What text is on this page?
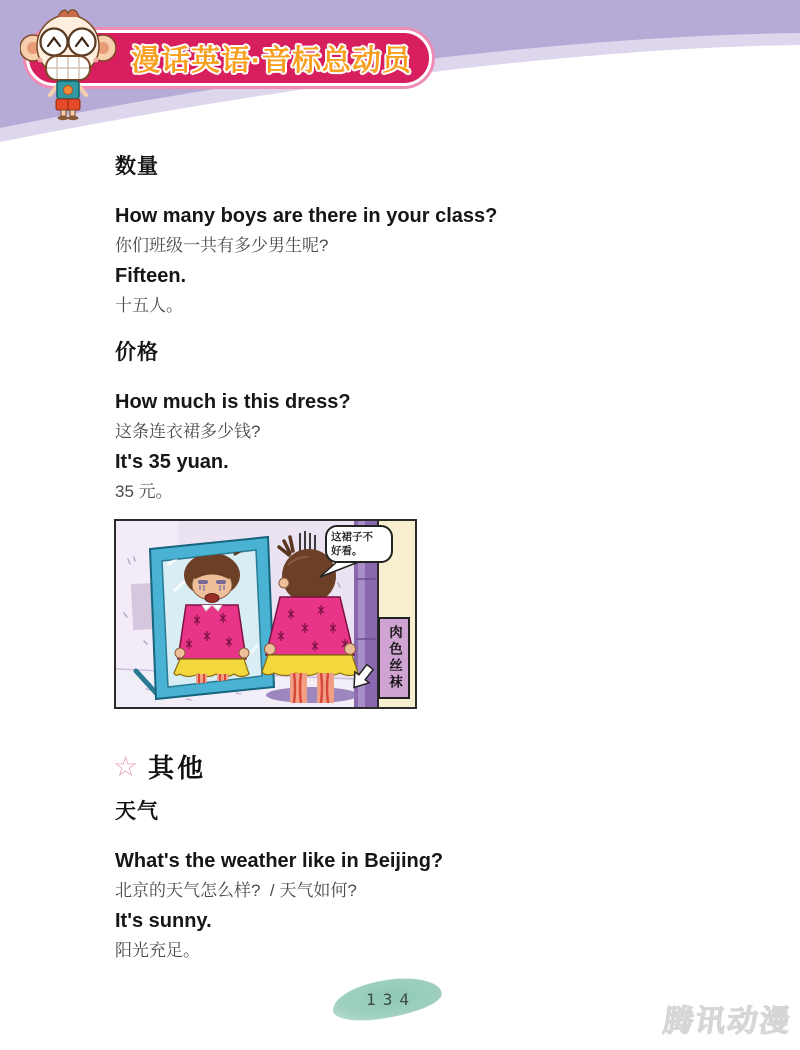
漫话英语·音标总动员
数量
How many boys are there in your class?
你们班级一共有多少男生呢?
Fifteen.
十五人。
价格
How much is this dress?
这条连衣裙多少钱?
It's 35 yuan.
35 元。
这裙子不好看。
肉色丝袜
☆ 其他
天气
What's the weather like in Beijing?
北京的天气怎么样?  / 天气如何?
It's sunny.
阳光充足。
134
腾讯动漫
